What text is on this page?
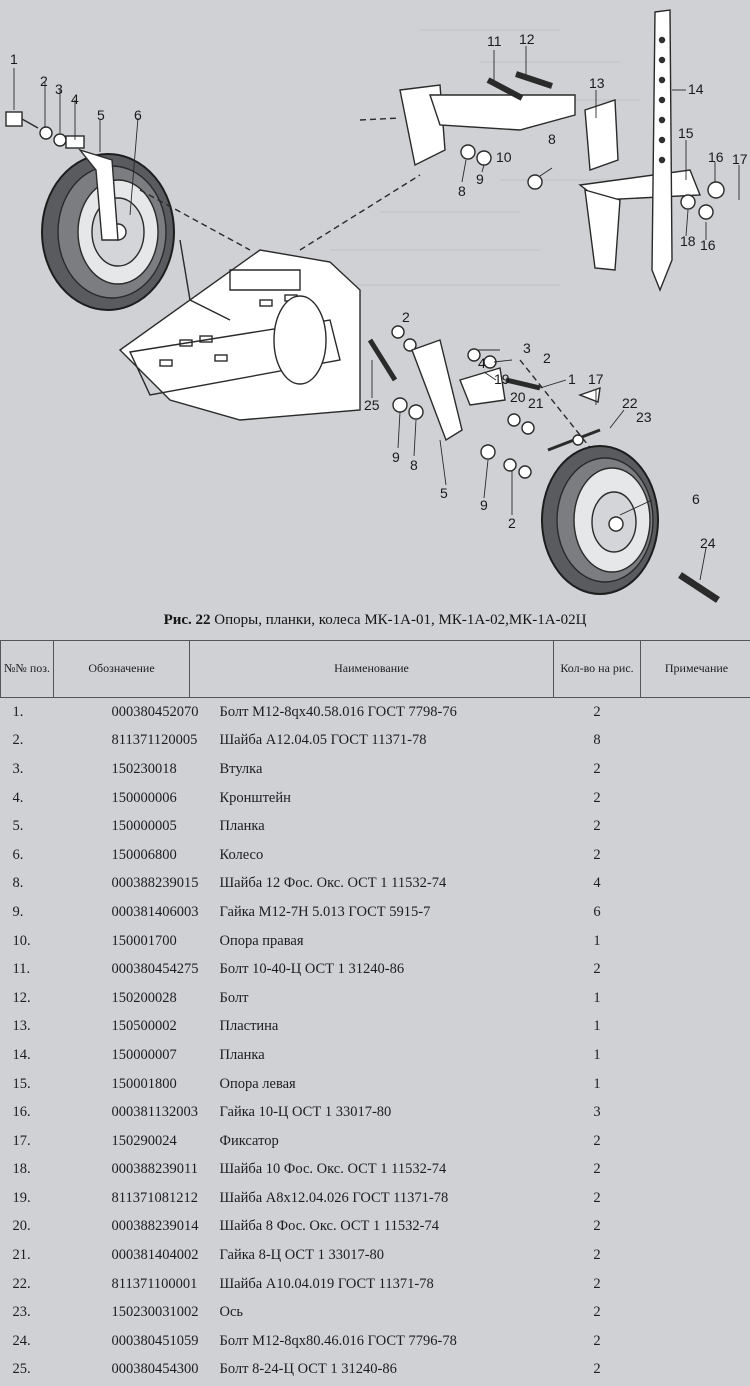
1
2 3
4
5 6
11 12
13	14
15
16 17
8
9
10
8
18 16
3
2
19	1 17
4
2
25	20 21	22
23
9 8
5
9
2
6
24
Рис. 22 Опоры, планки, колеса МК-1А-01, МК-1А-02,МК-1А-02Ц
№№ поз.	Обозначение	Наименование	Кол-во на рис.	Примечание
1.	000380452070	Болт М12-8qх40.58.016 ГОСТ 7798-76	2	
2.	811371120005	Шайба А12.04.05 ГОСТ 11371-78	8	
3.	150230018	Втулка	2	
4.	150000006	Кронштейн	2	
5.	150000005	Планка	2	
6.	150006800	Колесо	2	
8.	000388239015	Шайба 12 Фос. Окс. ОСТ 1 11532-74	4	
9.	000381406003	Гайка М12-7Н 5.013 ГОСТ 5915-7	6	
10.	150001700	Опора правая	1	
11.	000380454275	Болт 10-40-Ц ОСТ 1 31240-86	2	
12.	150200028	Болт	1	
13.	150500002	Пластина	1	
14.	150000007	Планка	1	
15.	150001800	Опора левая	1	
16.	000381132003	Гайка 10-Ц ОСТ 1 33017-80	3	
17.	150290024	Фиксатор	2	
18.	000388239011	Шайба 10 Фос. Окс. ОСТ 1 11532-74	2	
19.	811371081212	Шайба А8х12.04.026 ГОСТ 11371-78	2	
20.	000388239014	Шайба 8 Фос. Окс. ОСТ 1 11532-74	2	
21.	000381404002	Гайка 8-Ц ОСТ 1 33017-80	2	
22.	811371100001	Шайба А10.04.019 ГОСТ 11371-78	2	
23.	150230031002	Ось	2	
24.	000380451059	Болт М12-8qх80.46.016 ГОСТ 7796-78	2	
25.	000380454300	Болт 8-24-Ц ОСТ 1 31240-86	2	
